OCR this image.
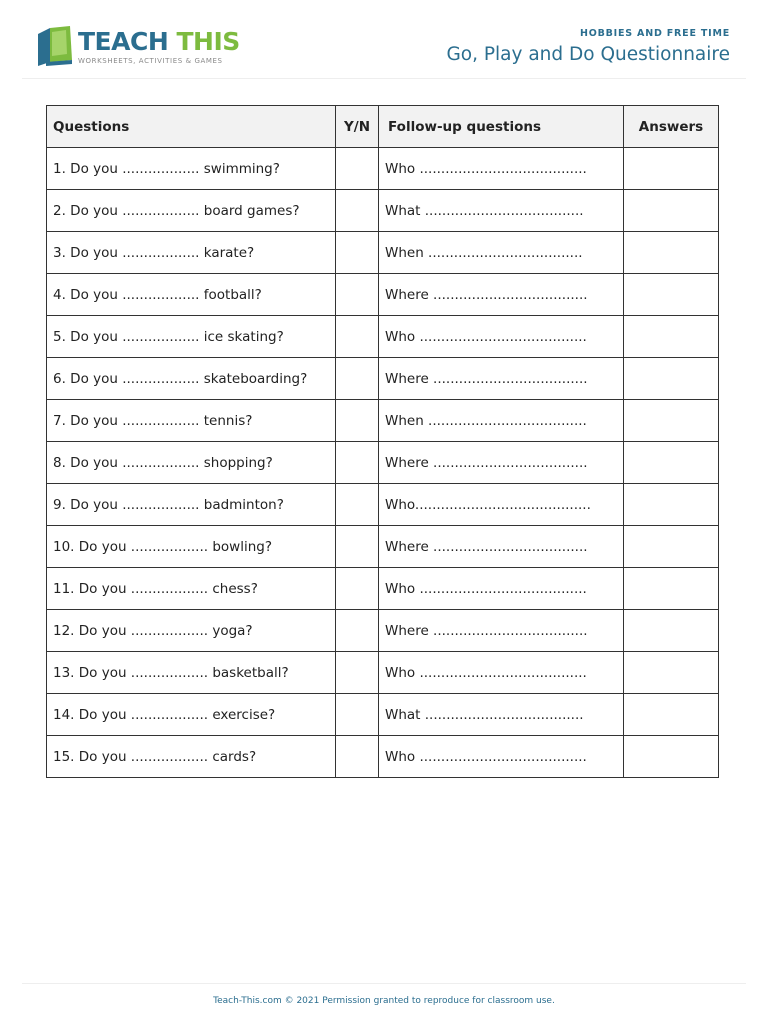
TEACH THIS
WORKSHEETS, ACTIVITIES & GAMES
HOBBIES AND FREE TIME
Go, Play and Do Questionnaire
Questions	Y/N	Follow-up questions	Answers
1. Do you .................. swimming?		Who .......................................	
2. Do you .................. board games?		What .....................................	
3. Do you .................. karate?		When ....................................	
4. Do you .................. football?		Where ....................................	
5. Do you .................. ice skating?		Who .......................................	
6. Do you .................. skateboarding?		Where ....................................	
7. Do you .................. tennis?		When .....................................	
8. Do you .................. shopping?		Where ....................................	
9. Do you .................. badminton?		Who.........................................	
10. Do you .................. bowling?		Where ....................................	
11. Do you .................. chess?		Who .......................................	
12. Do you .................. yoga?		Where ....................................	
13. Do you .................. basketball?		Who .......................................	
14. Do you .................. exercise?		What .....................................	
15. Do you .................. cards?		Who .......................................	
Teach-This.com © 2021 Permission granted to reproduce for classroom use.
